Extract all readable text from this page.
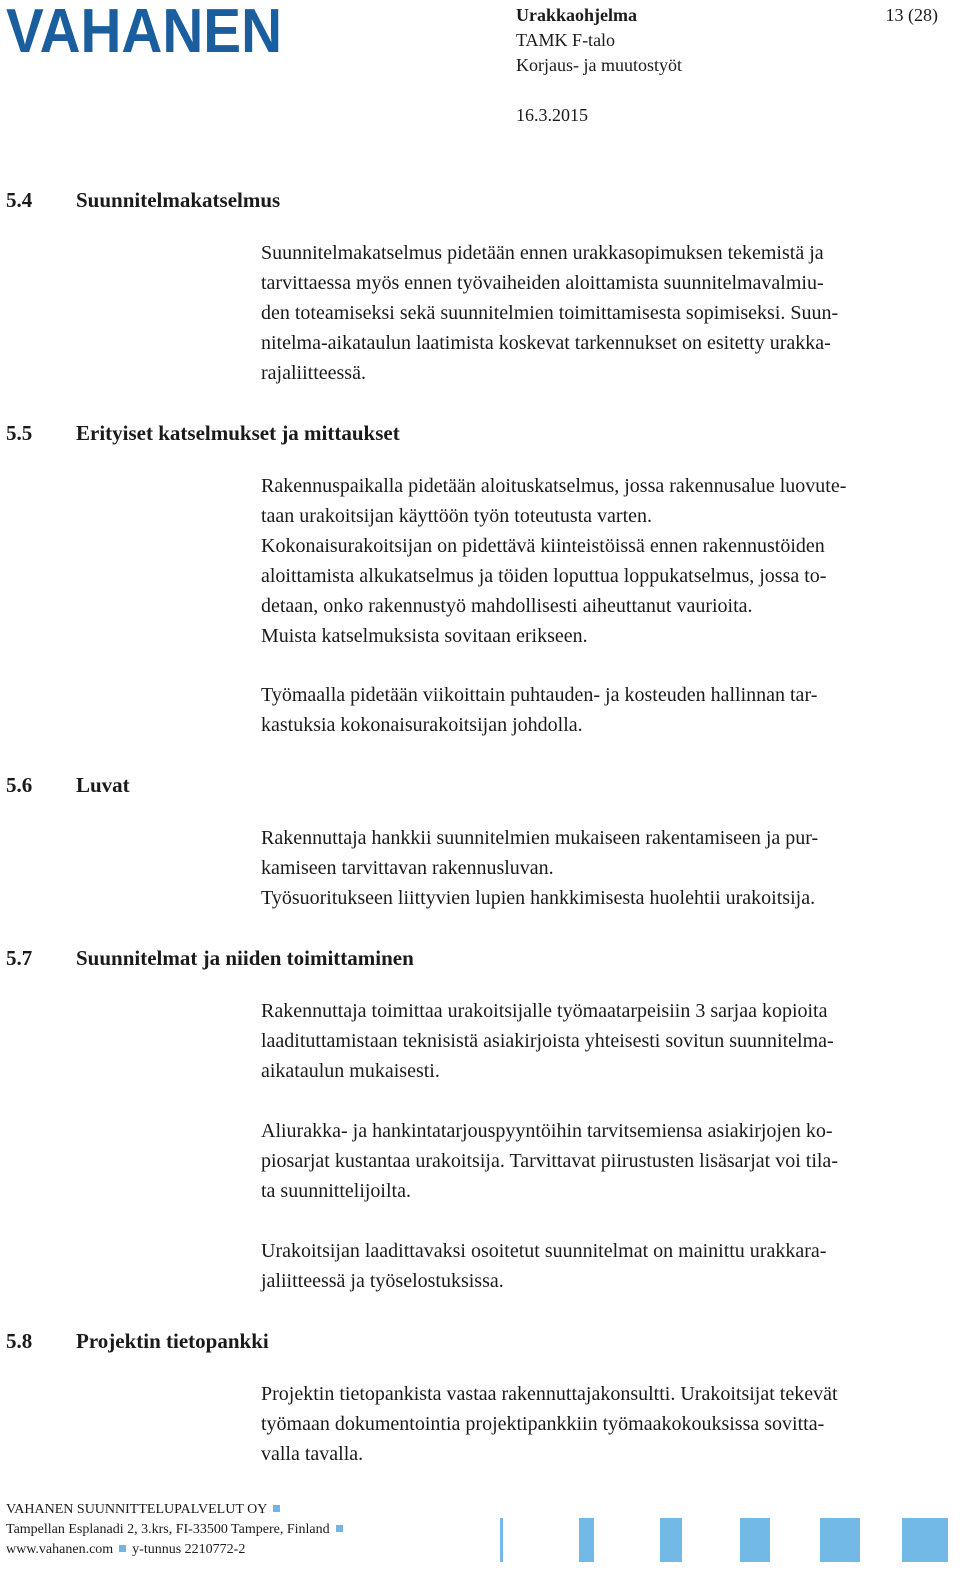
VAHANEN	Urakkaohjelma
TAMK F-talo
Korjaus- ja muutostyöt
16.3.2015
13 (28)
5.4 Suunnitelmakatselmus
Suunnitelmakatselmus pidetään ennen urakkasopimuksen tekemistä ja
tarvittaessa myös ennen työvaiheiden aloittamista suunnitelmavalmiu-
den toteamiseksi sekä suunnitelmien toimittamisesta sopimiseksi. Suun-
nitelma-aikataulun laatimista koskevat tarkennukset on esitetty urakka-
rajaliitteessä.
5.5 Erityiset katselmukset ja mittaukset
Rakennuspaikalla pidetään aloituskatselmus, jossa rakennusalue luovute-
taan urakoitsijan käyttöön työn toteutusta varten.
Kokonaisurakoitsijan on pidettävä kiinteistöissä ennen rakennustöiden
aloittamista alkukatselmus ja töiden loputtua loppukatselmus, jossa to-
detaan, onko rakennustyö mahdollisesti aiheuttanut vaurioita.
Muista katselmuksista sovitaan erikseen.
Työmaalla pidetään viikoittain puhtauden- ja kosteuden hallinnan tar-
kastuksia kokonaisurakoitsijan johdolla.
5.6 Luvat
Rakennuttaja hankkii suunnitelmien mukaiseen rakentamiseen ja pur-
kamiseen tarvittavan rakennusluvan.
Työsuoritukseen liittyvien lupien hankkimisesta huolehtii urakoitsija.
5.7 Suunnitelmat ja niiden toimittaminen
Rakennuttaja toimittaa urakoitsijalle työmaatarpeisiin 3 sarjaa kopioita
laadituttamistaan teknisistä asiakirjoista yhteisesti sovitun suunnitelma-
aikataulun mukaisesti.
Aliurakka- ja hankintatarjouspyyntöihin tarvitsemiensa asiakirjojen ko-
piosarjat kustantaa urakoitsija. Tarvittavat piirustusten lisäsarjat voi tila-
ta suunnittelijoilta.
Urakoitsijan laadittavaksi osoitetut suunnitelmat on mainittu urakkara-
jaliitteessä ja työselostuksissa.
5.8 Projektin tietopankki
Projektin tietopankista vastaa rakennuttajakonsultti. Urakoitsijat tekevät
työmaan dokumentointia projektipankkiin työmaakokouksissa sovitta-
valla tavalla.
VAHANEN SUUNNITTELUPALVELUT OY
Tampellan Esplanadi 2, 3.krs, FI-33500 Tampere, Finland
www.vahanen.com y-tunnus 2210772-2
